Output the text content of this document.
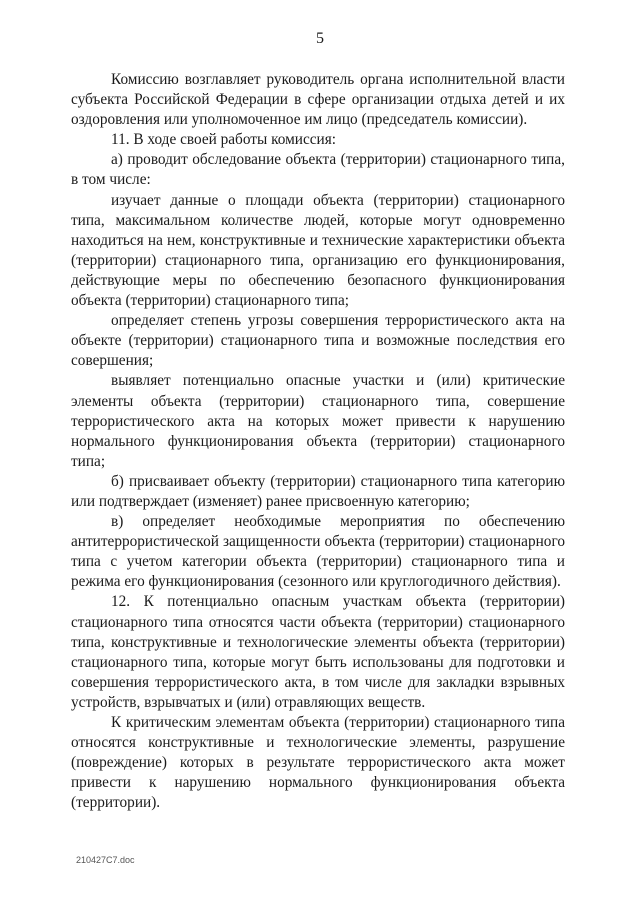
5

Комиссию возглавляет руководитель органа исполнительной власти субъекта Российской Федерации в сфере организации отдыха детей и их оздоровления или уполномоченное им лицо (председатель комиссии).

11. В ходе своей работы комиссия:

а) проводит обследование объекта (территории) стационарного типа, в том числе:

изучает данные о площади объекта (территории) стационарного типа, максимальном количестве людей, которые могут одновременно находиться на нем, конструктивные и технические характеристики объекта (территории) стационарного типа, организацию его функционирования, действующие меры по обеспечению безопасного функционирования объекта (территории) стационарного типа;

определяет степень угрозы совершения террористического акта на объекте (территории) стационарного типа и возможные последствия его совершения;

выявляет потенциально опасные участки и (или) критические элементы объекта (территории) стационарного типа, совершение террористического акта на которых может привести к нарушению нормального функционирования объекта (территории) стационарного типа;

б) присваивает объекту (территории) стационарного типа категорию или подтверждает (изменяет) ранее присвоенную категорию;

в) определяет необходимые мероприятия по обеспечению антитеррористической защищенности объекта (территории) стационарного типа с учетом категории объекта (территории) стационарного типа и режима его функционирования (сезонного или круглогодичного действия).

12. К потенциально опасным участкам объекта (территории) стационарного типа относятся части объекта (территории) стационарного типа, конструктивные и технологические элементы объекта (территории) стационарного типа, которые могут быть использованы для подготовки и совершения террористического акта, в том числе для закладки взрывных устройств, взрывчатых и (или) отравляющих веществ.

К критическим элементам объекта (территории) стационарного типа относятся конструктивные и технологические элементы, разрушение (повреждение) которых в результате террористического акта может привести к нарушению нормального функционирования объекта (территории).

210427C7.doc
